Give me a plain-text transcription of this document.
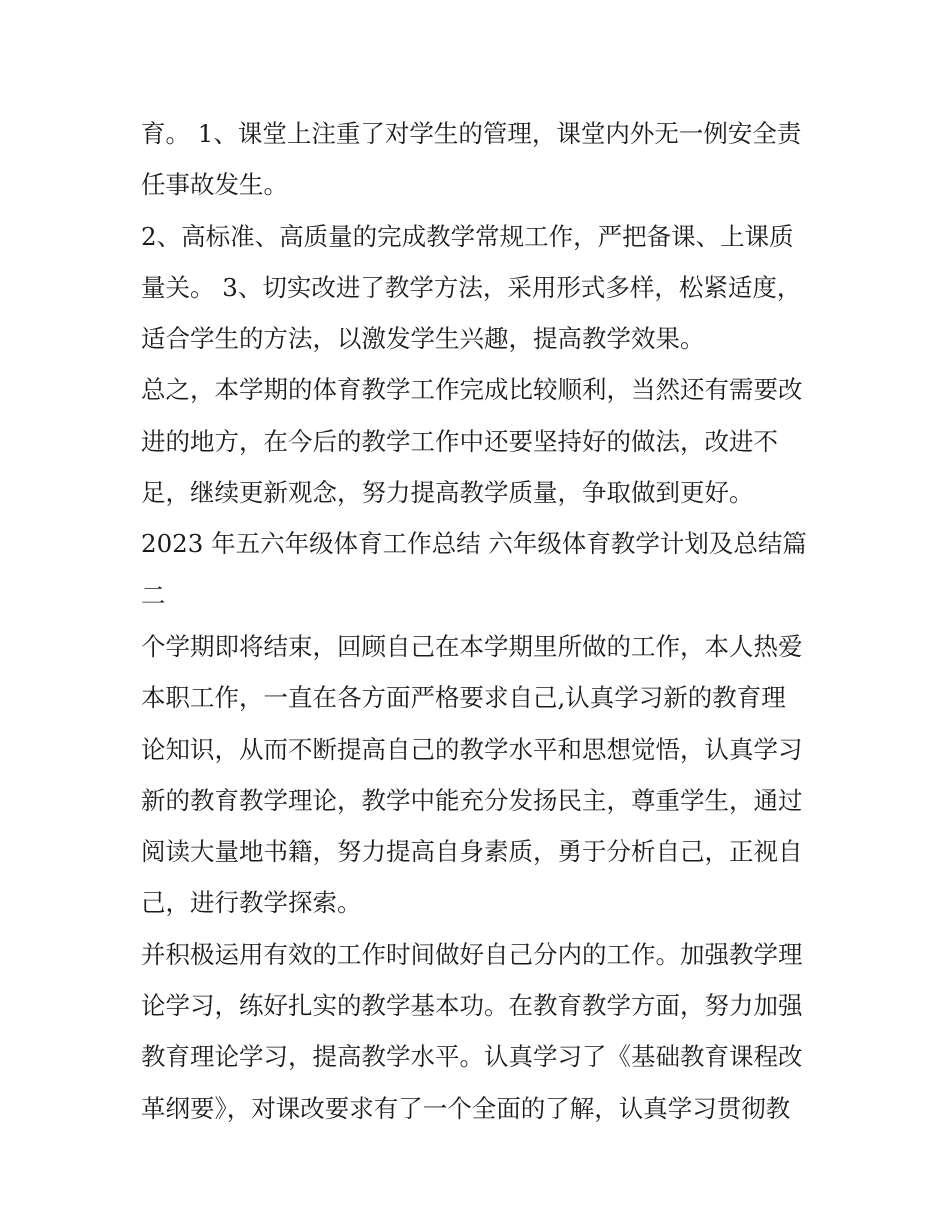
育。 1、课堂上注重了对学生的管理，课堂内外无一例安全责

任事故发生。

2、高标准、高质量的完成教学常规工作，严把备课、上课质

量关。 3、切实改进了教学方法，采用形式多样，松紧适度，

适合学生的方法，以激发学生兴趣，提高教学效果。

总之，本学期的体育教学工作完成比较顺利，当然还有需要改

进的地方，在今后的教学工作中还要坚持好的做法，改进不

足，继续更新观念，努力提高教学质量，争取做到更好。

2023 年五六年级体育工作总结 六年级体育教学计划及总结篇

二

个学期即将结束，回顾自己在本学期里所做的工作，本人热爱

本职工作，一直在各方面严格要求自己,认真学习新的教育理

论知识，从而不断提高自己的教学水平和思想觉悟，认真学习

新的教育教学理论，教学中能充分发扬民主，尊重学生，通过

阅读大量地书籍，努力提高自身素质，勇于分析自己，正视自

己，进行教学探索。

并积极运用有效的工作时间做好自己分内的工作。加强教学理

论学习，练好扎实的教学基本功。在教育教学方面，努力加强

教育理论学习，提高教学水平。认真学习了《基础教育课程改

革纲要》，对课改要求有了一个全面的了解，认真学习贯彻教
